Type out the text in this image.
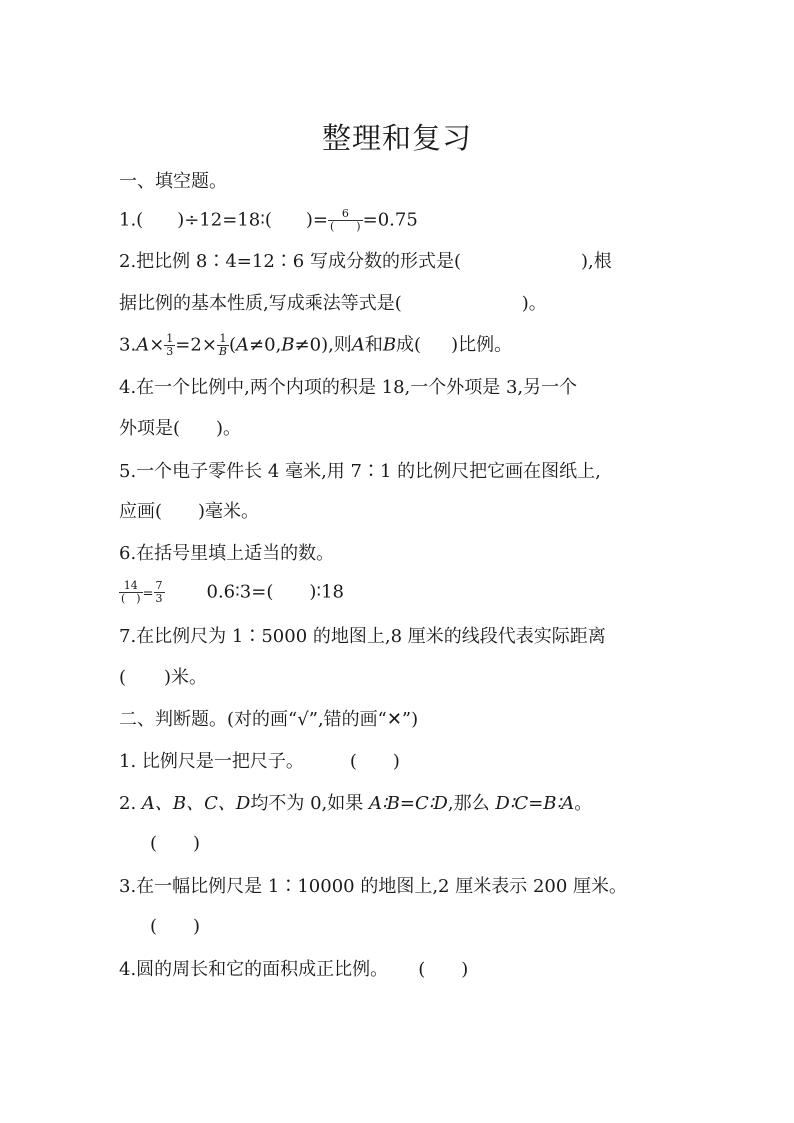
整理和复习
一、填空题。
1.( )÷12=18∶( )= $\frac{6}{( )} =0.75$
2.把比例 8∶4=12∶6 写成分数的形式是(	),根
据比例的基本性质,写成乘法等式是(	)。
$3.A\times \frac{1}{3} =2\times \frac{1}{B} (A\ne 0,B\ne 0)$,则A和B成( )比例。
4.在一个比例中,两个内项的积是 18,一个外项是 3,另一个
外项是( )。
5.一个电子零件长 4 毫米,用 7∶1 的比例尺把它画在图纸上,
应画( )毫米。
6.在括号里填上适当的数。
$\frac{14}{( )} = \frac{7}{3}$ 0.6∶3=( )∶18
7.在比例尺为 1∶5000 的地图上,8 厘米的线段代表实际距离
( )米。
二、判断题。(对的画“√”,错的画“✕”)
1. 比例尺是一把尺子。	(　　)
2. A、B、C、D均不为 0,如果 A∶B=C∶D,那么 D∶C=B∶A。
(　　)
3.在一幅比例尺是 1∶10000 的地图上,2 厘米表示 200 厘米。
(　　)
4.圆的周长和它的面积成正比例。 (　　)
